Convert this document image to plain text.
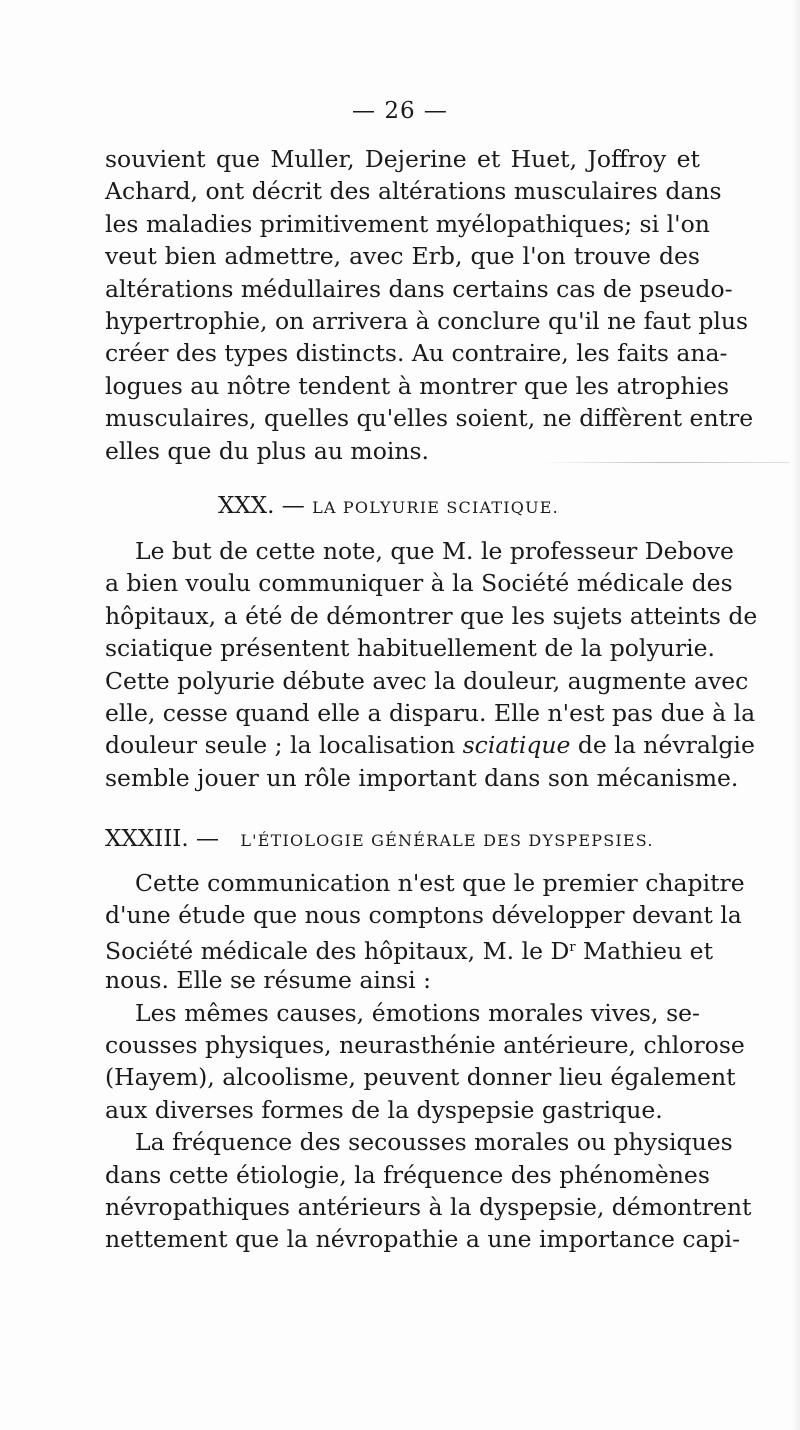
— 26 —
souvient que Muller, Dejerine et Huet, Joffroy et
Achard, ont décrit des altérations musculaires dans
les maladies primitivement myélopathiques; si l'on
veut bien admettre, avec Erb, que l'on trouve des
altérations médullaires dans certains cas de pseudo-
hypertrophie, on arrivera à conclure qu'il ne faut plus
créer des types distincts. Au contraire, les faits ana-
logues au nôtre tendent à montrer que les atrophies
musculaires, quelles qu'elles soient, ne diffèrent entre
elles que du plus au moins.
XXX. — LA POLYURIE SCIATIQUE.
Le but de cette note, que M. le professeur Debove
a bien voulu communiquer à la Société médicale des
hôpitaux, a été de démontrer que les sujets atteints de
sciatique présentent habituellement de la polyurie.
Cette polyurie débute avec la douleur, augmente avec
elle, cesse quand elle a disparu. Elle n'est pas due à la
douleur seule ; la localisation sciatique de la névralgie
semble jouer un rôle important dans son mécanisme.
XXXIII. — L'ÉTIOLOGIE GÉNÉRALE DES DYSPEPSIES.
Cette communication n'est que le premier chapitre
d'une étude que nous comptons développer devant la
Société médicale des hôpitaux, M. le $D^r$ Mathieu et
nous. Elle se résume ainsi :
Les mêmes causes, émotions morales vives, se-
cousses physiques, neurasthénie antérieure, chlorose
(Hayem), alcoolisme, peuvent donner lieu également
aux diverses formes de la dyspepsie gastrique.
La fréquence des secousses morales ou physiques
dans cette étiologie, la fréquence des phénomènes
névropathiques antérieurs à la dyspepsie, démontrent
nettement que la névropathie a une importance capi-
